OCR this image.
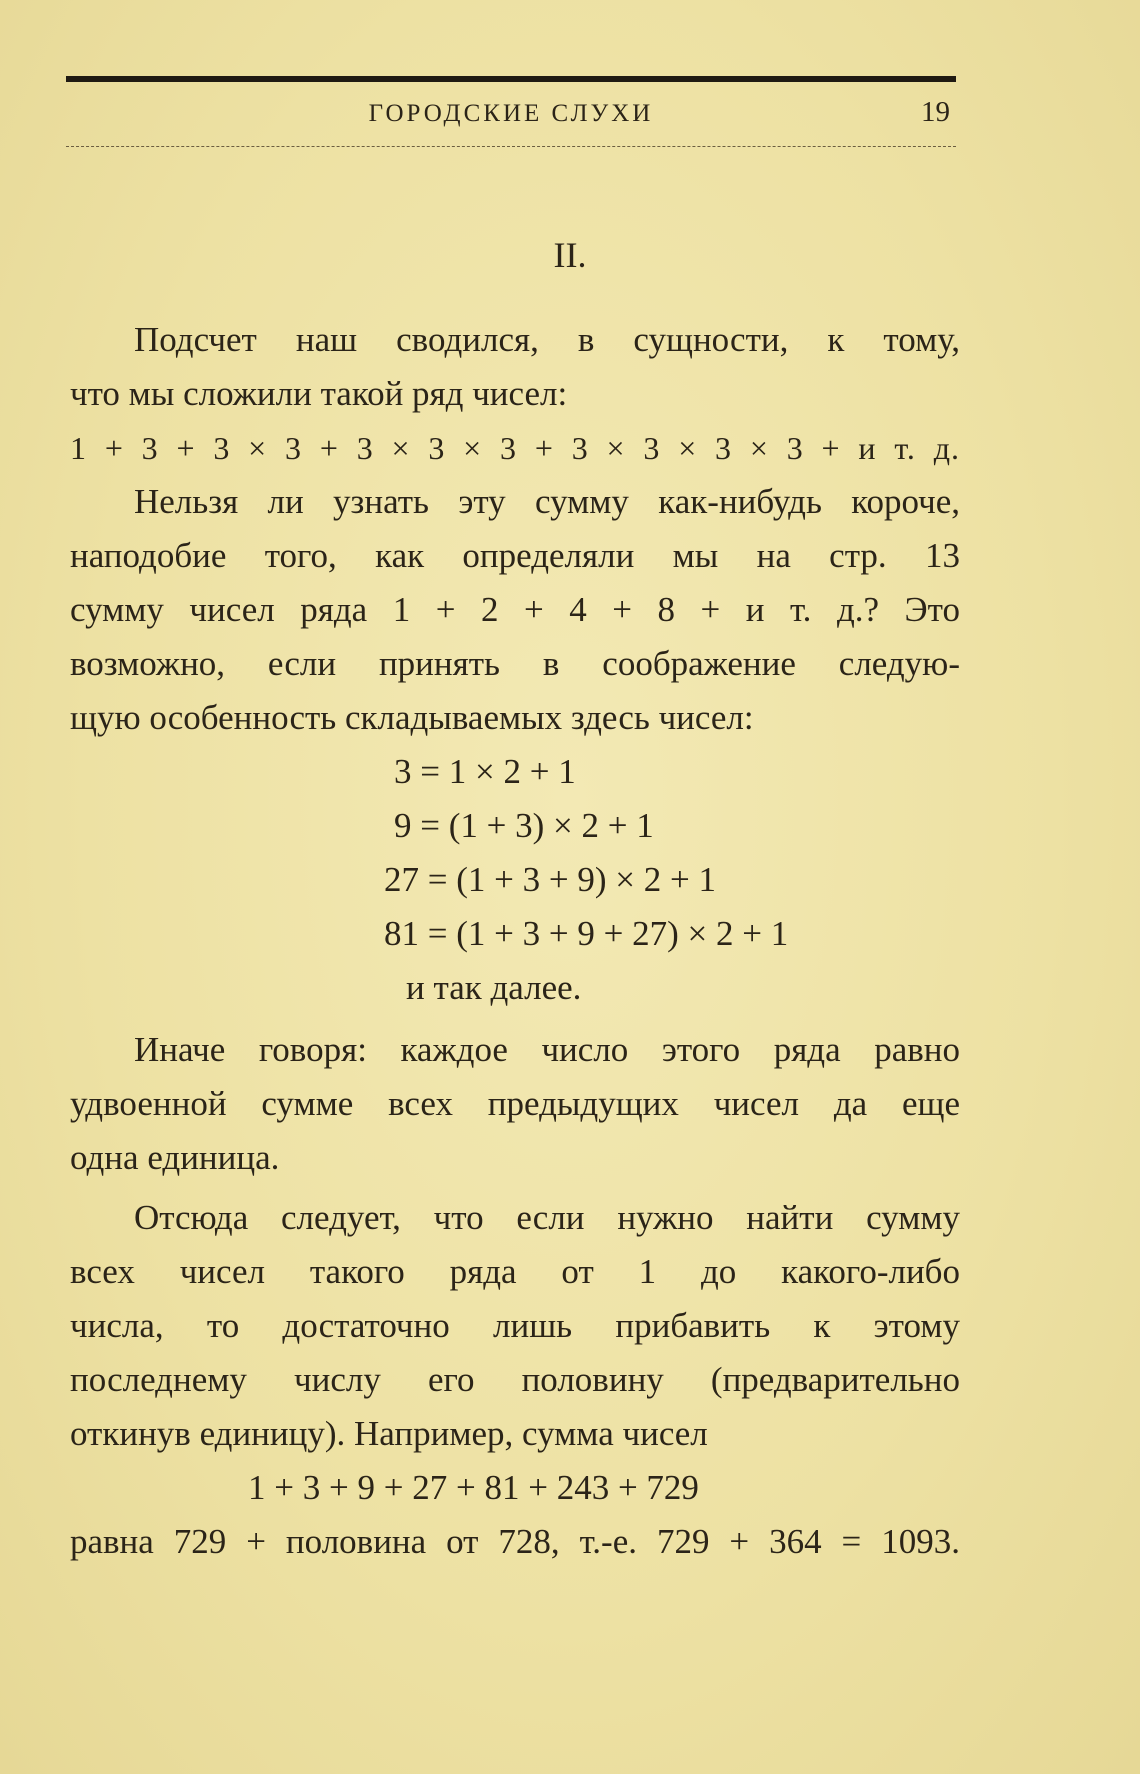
ГОРОДСКИЕ СЛУХИ	19
II.
Подсчет наш сводился, в сущности, к тому,
что мы сложили такой ряд чисел:
1 + 3 + 3 × 3 + 3 × 3 × 3 + 3 × 3 × 3 × 3 + и т. д.
Нельзя ли узнать эту сумму как-нибудь короче,
наподобие того, как определяли мы на стр. 13
сумму чисел ряда 1 + 2 + 4 + 8 + и т. д.? Это
возможно, если принять в соображение следую-
щую особенность складываемых здесь чисел:
3 = 1 × 2 + 1
9 = (1 + 3) × 2 + 1
27 = (1 + 3 + 9) × 2 + 1
81 = (1 + 3 + 9 + 27) × 2 + 1
и так далее.
Иначе говоря: каждое число этого ряда равно
удвоенной сумме всех предыдущих чисел да еще
одна единица.
Отсюда следует, что если нужно найти сумму
всех чисел такого ряда от 1 до какого-либо
числа, то достаточно лишь прибавить к этому
последнему числу его половину (предварительно
откинув единицу). Например, сумма чисел
1 + 3 + 9 + 27 + 81 + 243 + 729
равна 729 + половина от 728, т.-е. 729 + 364 = 1093.
